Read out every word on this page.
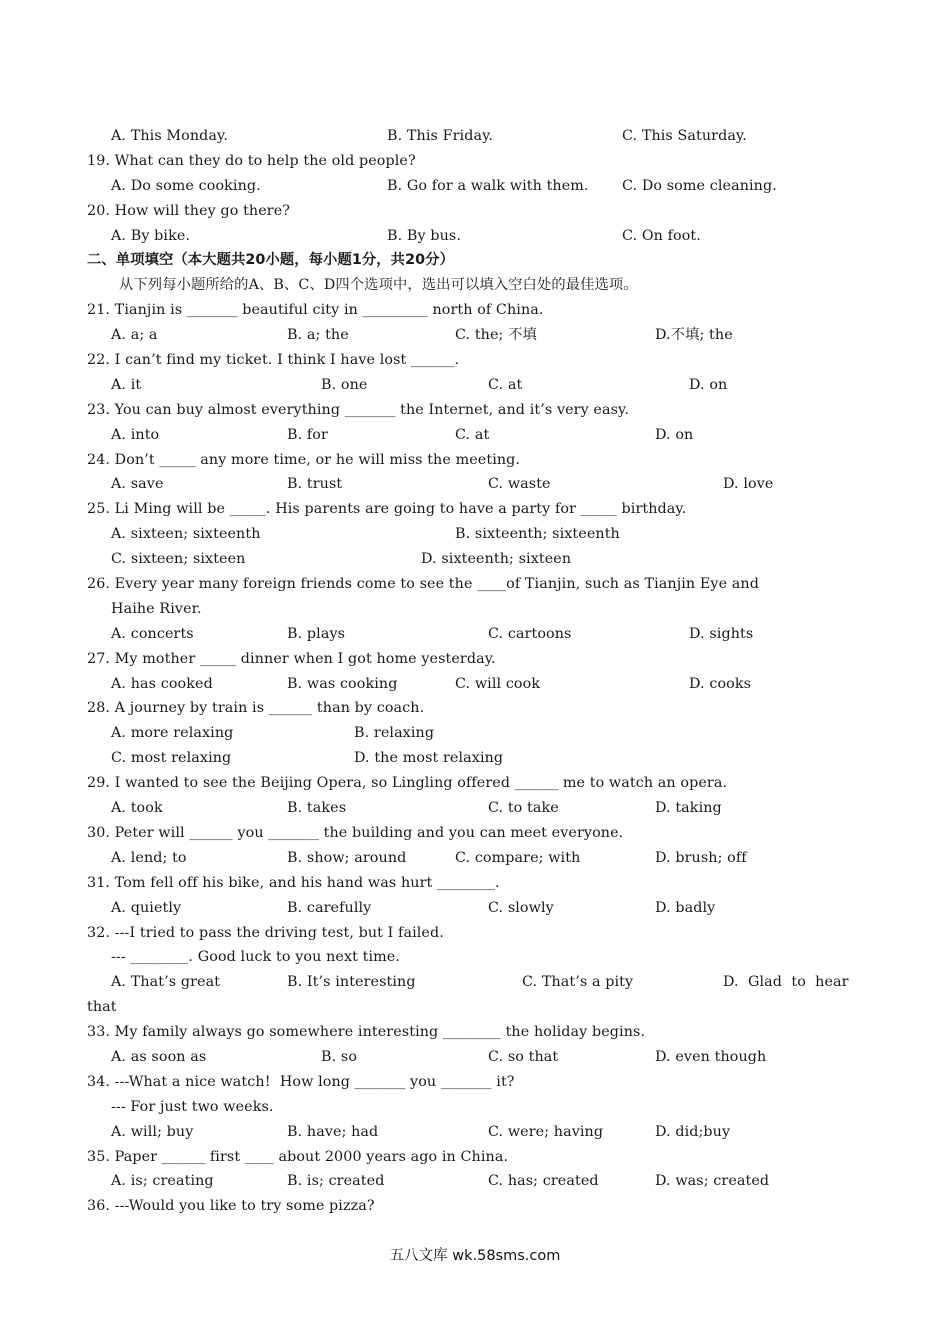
A. This Monday.

	B. This Friday.

	C. This Saturday.

19. What can they do to help the old people?

A. Do some cooking.

	B. Go for a walk with them.

C. Do some cleaning.

20. How will they go there?

A. By bike.

	B. By bus.

	C. On foot.

二、单项填空（本大题共20小题，每小题1分，共20分）

从下列每小题所给的A、B、C、D四个选项中，选出可以填入空白处的最佳选项。

21. Tianjin is _______ beautiful city in _________ north of China.

A. a; a

	B. a; the

	C. the; 不填

	D.不填; the

22. I can’t find my ticket. I think I have lost ______.

A. it

	B. one

	C. at

	D. on

23. You can buy almost everything _______ the Internet, and it’s very easy.

A. into

	B. for

	C. at

	D. on

24. Don’t _____ any more time, or he will miss the meeting.

A. save

	B. trust

	C. waste

	D. love

25. Li Ming will be _____. His parents are going to have a party for _____ birthday.

A. sixteen; sixteenth

	B. sixteenth; sixteenth

C. sixteen; sixteen

	D. sixteenth; sixteen

26. Every year many foreign friends come to see the ____of Tianjin, such as Tianjin Eye and

Haihe River.

A. concerts

	B. plays

	C. cartoons

	D. sights

27. My mother _____ dinner when I got home yesterday.

A. has cooked

	B. was cooking

	C. will cook

	D. cooks

28. A journey by train is ______ than by coach.

A. more relaxing

	B. relaxing

C. most relaxing

	D. the most relaxing

29. I wanted to see the Beijing Opera, so Lingling offered ______ me to watch an opera.

A. took

	B. takes

	C. to take

	D. taking

30. Peter will ______ you _______ the building and you can meet everyone.

A. lend; to

	B. show; around

	C. compare; with

	D. brush; off

31. Tom fell off his bike, and his hand was hurt ________.

A. quietly

	B. carefully

	C. slowly

	D. badly

32. ---I tried to pass the driving test, but I failed.

--- ________. Good luck to you next time.

A. That’s great

	B. It’s interesting

	C. That’s a pity

	D.  Glad  to  hear

that

33. My family always go somewhere interesting ________ the holiday begins.

A. as soon as

	B. so

	C. so that

	D. even though

34. ---What a nice watch!  How long _______ you _______ it?

--- For just two weeks.

A. will; buy

	B. have; had

	C. were; having

	D. did;buy

35. Paper ______ first ____ about 2000 years ago in China.

A. is; creating

	B. is; created

	C. has; created

	D. was; created

36. ---Would you like to try some pizza?

五八文库 wk.58sms.com
